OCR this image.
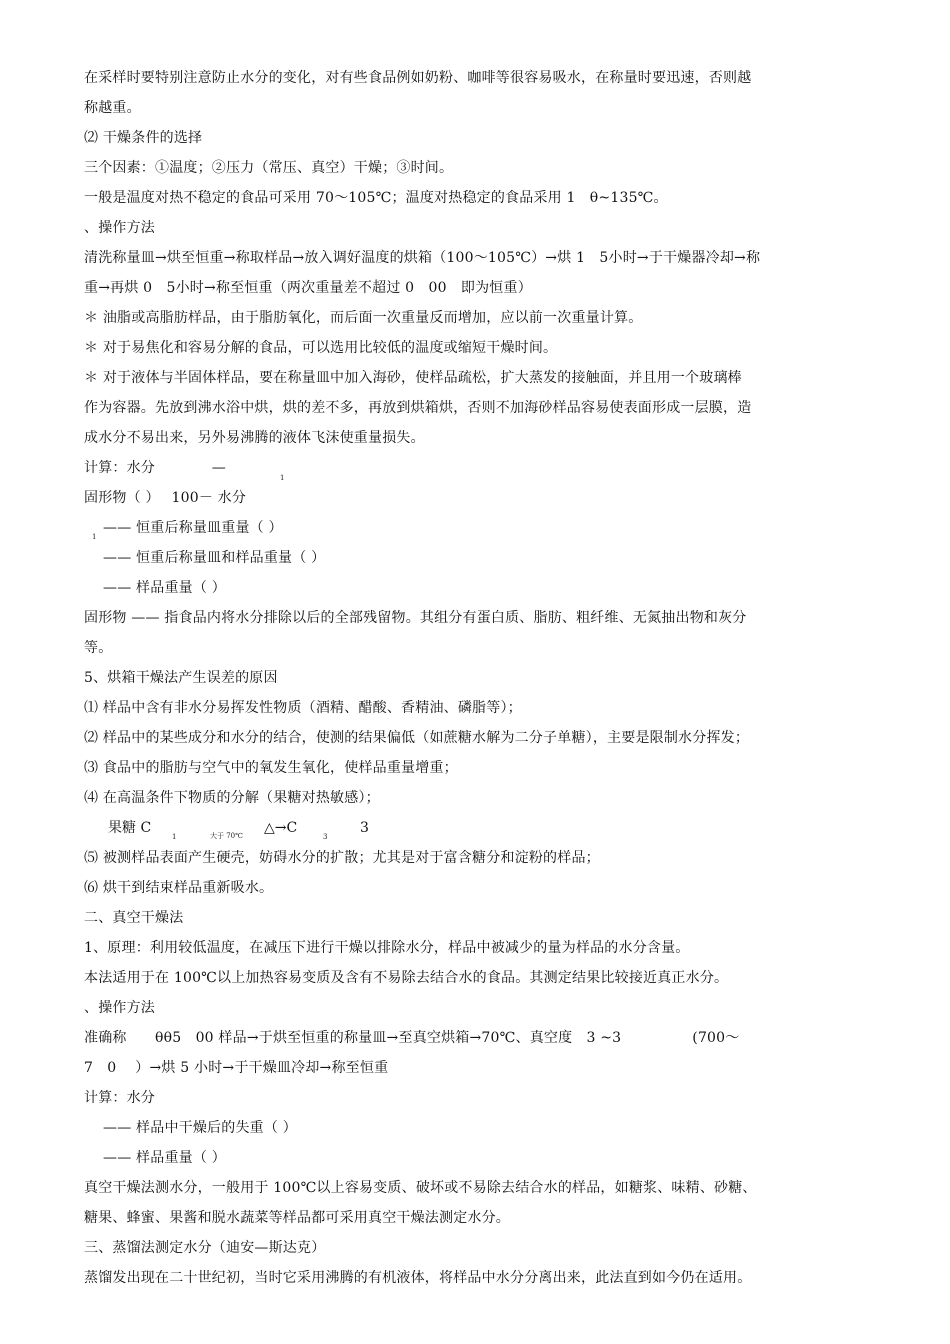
在采样时要特别注意防止水分的变化，对有些食品例如奶粉、咖啡等很容易吸水，在称量时要迅速，否则越
称越重。
⑵ 干燥条件的选择
三个因素：①温度；②压力（常压、真空）干燥；③时间。
一般是温度对热不稳定的食品可采用 70～105℃；温度对热稳定的食品采用 1　θ~135℃。
、操作方法
清洗称量皿→烘至恒重→称取样品→放入调好温度的烘箱（100～105℃）→烘 1　5小时→于干燥器冷却→称
重→再烘 0　5小时→称至恒重（两次重量差不超过 0　00　即为恒重）
＊ 油脂或高脂肪样品，由于脂肪氧化，而后面一次重量反而增加，应以前一次重量计算。
＊ 对于易焦化和容易分解的食品，可以选用比较低的温度或缩短干燥时间。
＊ 对于液体与半固体样品，要在称量皿中加入海砂，使样品疏松，扩大蒸发的接触面，并且用一个玻璃棒
作为容器。先放到沸水浴中烘，烘的差不多，再放到烘箱烘，否则不加海砂样品容易使表面形成一层膜，造
成水分不易出来，另外易沸腾的液体飞沫使重量损失。
计算：水分　　　　—
1
固形物（ ）　 100－ 水分
1
—— 恒重后称量皿重量（ ）
—— 恒重后称量皿和样品重量（ ）
—— 样品重量（ ）
固形物 —— 指食品内将水分排除以后的全部残留物。其组分有蛋白质、脂肪、粗纤维、无氮抽出物和灰分
等。
5、烘箱干燥法产生误差的原因
⑴ 样品中含有非水分易挥发性物质（酒精、醋酸、香精油、磷脂等）；
⑵ 样品中的某些成分和水分的结合，使测的结果偏低（如蔗糖水解为二分子单糖），主要是限制水分挥发；
⑶ 食品中的脂肪与空气中的氧发生氧化，使样品重量增重；
⑷ 在高温条件下物质的分解（果糖对热敏感）；
果糖 C
1	大于 70℃ △→C
3
3
⑸ 被测样品表面产生硬壳，妨碍水分的扩散；尤其是对于富含糖分和淀粉的样品；
⑹ 烘干到结束样品重新吸水。
二、真空干燥法
1、原理：利用较低温度，在减压下进行干燥以排除水分，样品中被减少的量为样品的水分含量。
本法适用于在 100℃以上加热容易变质及含有不易除去结合水的食品。其测定结果比较接近真正水分。
、操作方法
准确称　　θθ5　00 样品→于烘至恒重的称量皿→至真空烘箱→70℃、真空度　3 ~3　　　　　(700～
7　0　 ）→烘 5 小时→于干燥皿冷却→称至恒重
计算：水分
—— 样品中干燥后的失重（ ）
—— 样品重量（ ）
真空干燥法测水分，一般用于 100℃以上容易变质、破坏或不易除去结合水的样品，如糖浆、味精、砂糖、
糖果、蜂蜜、果酱和脱水蔬菜等样品都可采用真空干燥法测定水分。
三、蒸馏法测定水分（迪安—斯达克）
蒸馏发出现在二十世纪初，当时它采用沸腾的有机液体，将样品中水分分离出来，此法直到如今仍在适用。
